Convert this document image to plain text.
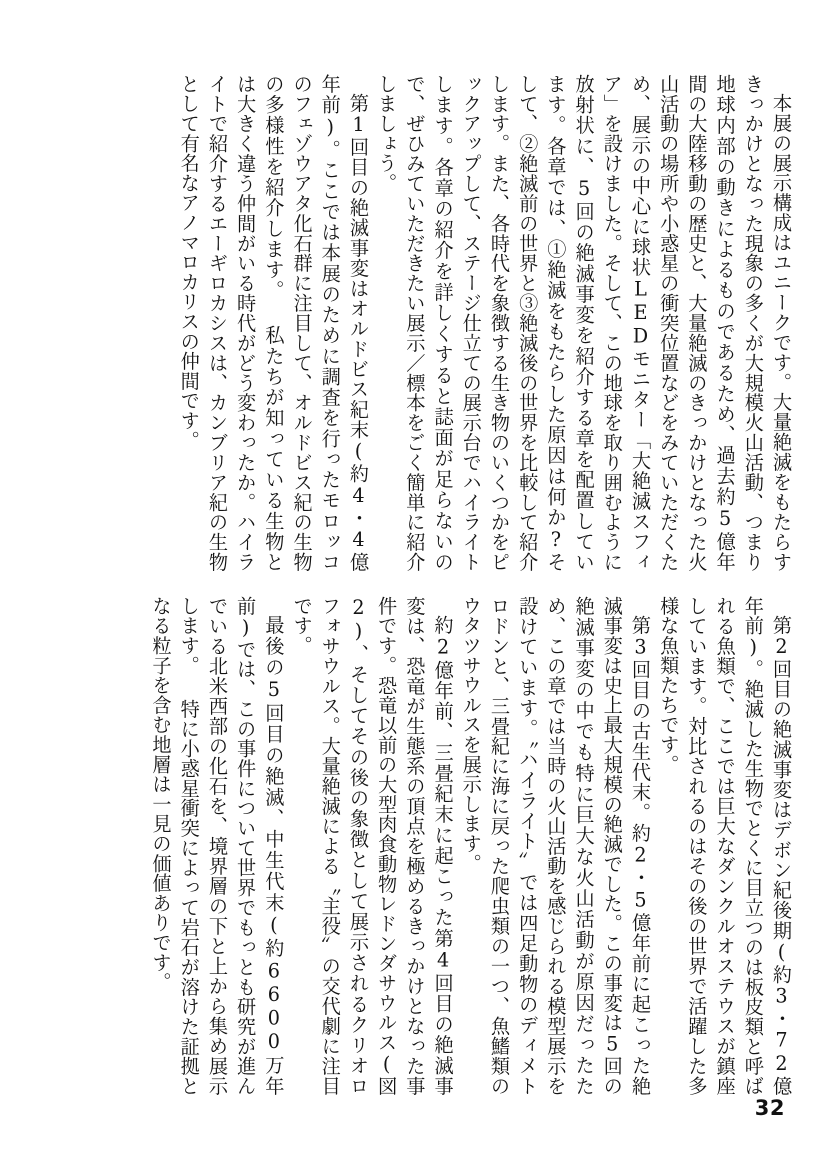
本展の展示構成はユニークです。大量絶滅をもたらすきっかけとなった現象の多くが大規模火山活動、つまり地球内部の動きによるものであるため、過去約5億年間の大陸移動の歴史と、大量絶滅のきっかけとなった火山活動の場所や小惑星の衝突位置などをみていただくため、展示の中心に球状LEDモニター「大絶滅スフィア」を設けました。そして、この地球を取り囲むように放射状に、5回の絶滅事変を紹介する章を配置しています。各章では、①絶滅をもたらした原因は何か?そして、②絶滅前の世界と③絶滅後の世界を比較して紹介します。また、各時代を象徴する生き物のいくつかをピックアップして、ステージ仕立ての展示台でハイライトします。各章の紹介を詳しくすると誌面が足らないので、ぜひみていただきたい展示／標本をごく簡単に紹介しましょう。

第1回目の絶滅事変はオルドビス紀末(約4・4億年前)。ここでは本展のために調査を行ったモロッコのフェゾウアタ化石群に注目して、オルドビス紀の生物の多様性を紹介します。 私たちが知っている生物とは大きく違う仲間がいる時代がどう変わったか。ハイライトで紹介するエーギロカシスは、カンブリア紀の生物として有名なアノマロカリスの仲間です。

第2回目の絶滅事変はデボン紀後期(約3・72億年前)。絶滅した生物でとくに目立つのは板皮類と呼ばれる魚類で、ここでは巨大なダンクルオステウスが鎮座しています。対比されるのはその後の世界で活躍した多様な魚類たちです。

第3回目の古生代末。約2・5億年前に起こった絶滅事変は史上最大規模の絶滅でした。この事変は5回の絶滅事変の中でも特に巨大な火山活動が原因だったため、この章では当時の火山活動を感じられる模型展示を設けています。〝ハイライト〟では四足動物のディメトロドンと、三畳紀に海に戻った爬虫類の一つ、魚鰭類のウタツサウルスを展示します。

約2億年前、三畳紀末に起こった第4回目の絶滅事変は、恐竜が生態系の頂点を極めるきっかけとなった事件です。恐竜以前の大型肉食動物レドンダサウルス(図2)、そしてその後の象徴として展示されるクリオロフォサウルス。大量絶滅による〝主役〟の交代劇に注目です。

最後の5回目の絶滅、中生代末(約6600万年前)では、この事件について世界でもっとも研究が進んでいる北米西部の化石を、境界層の下と上から集め展示します。 特に小惑星衝突によって岩石が溶けた証拠となる粒子を含む地層は一見の価値ありです。

32
